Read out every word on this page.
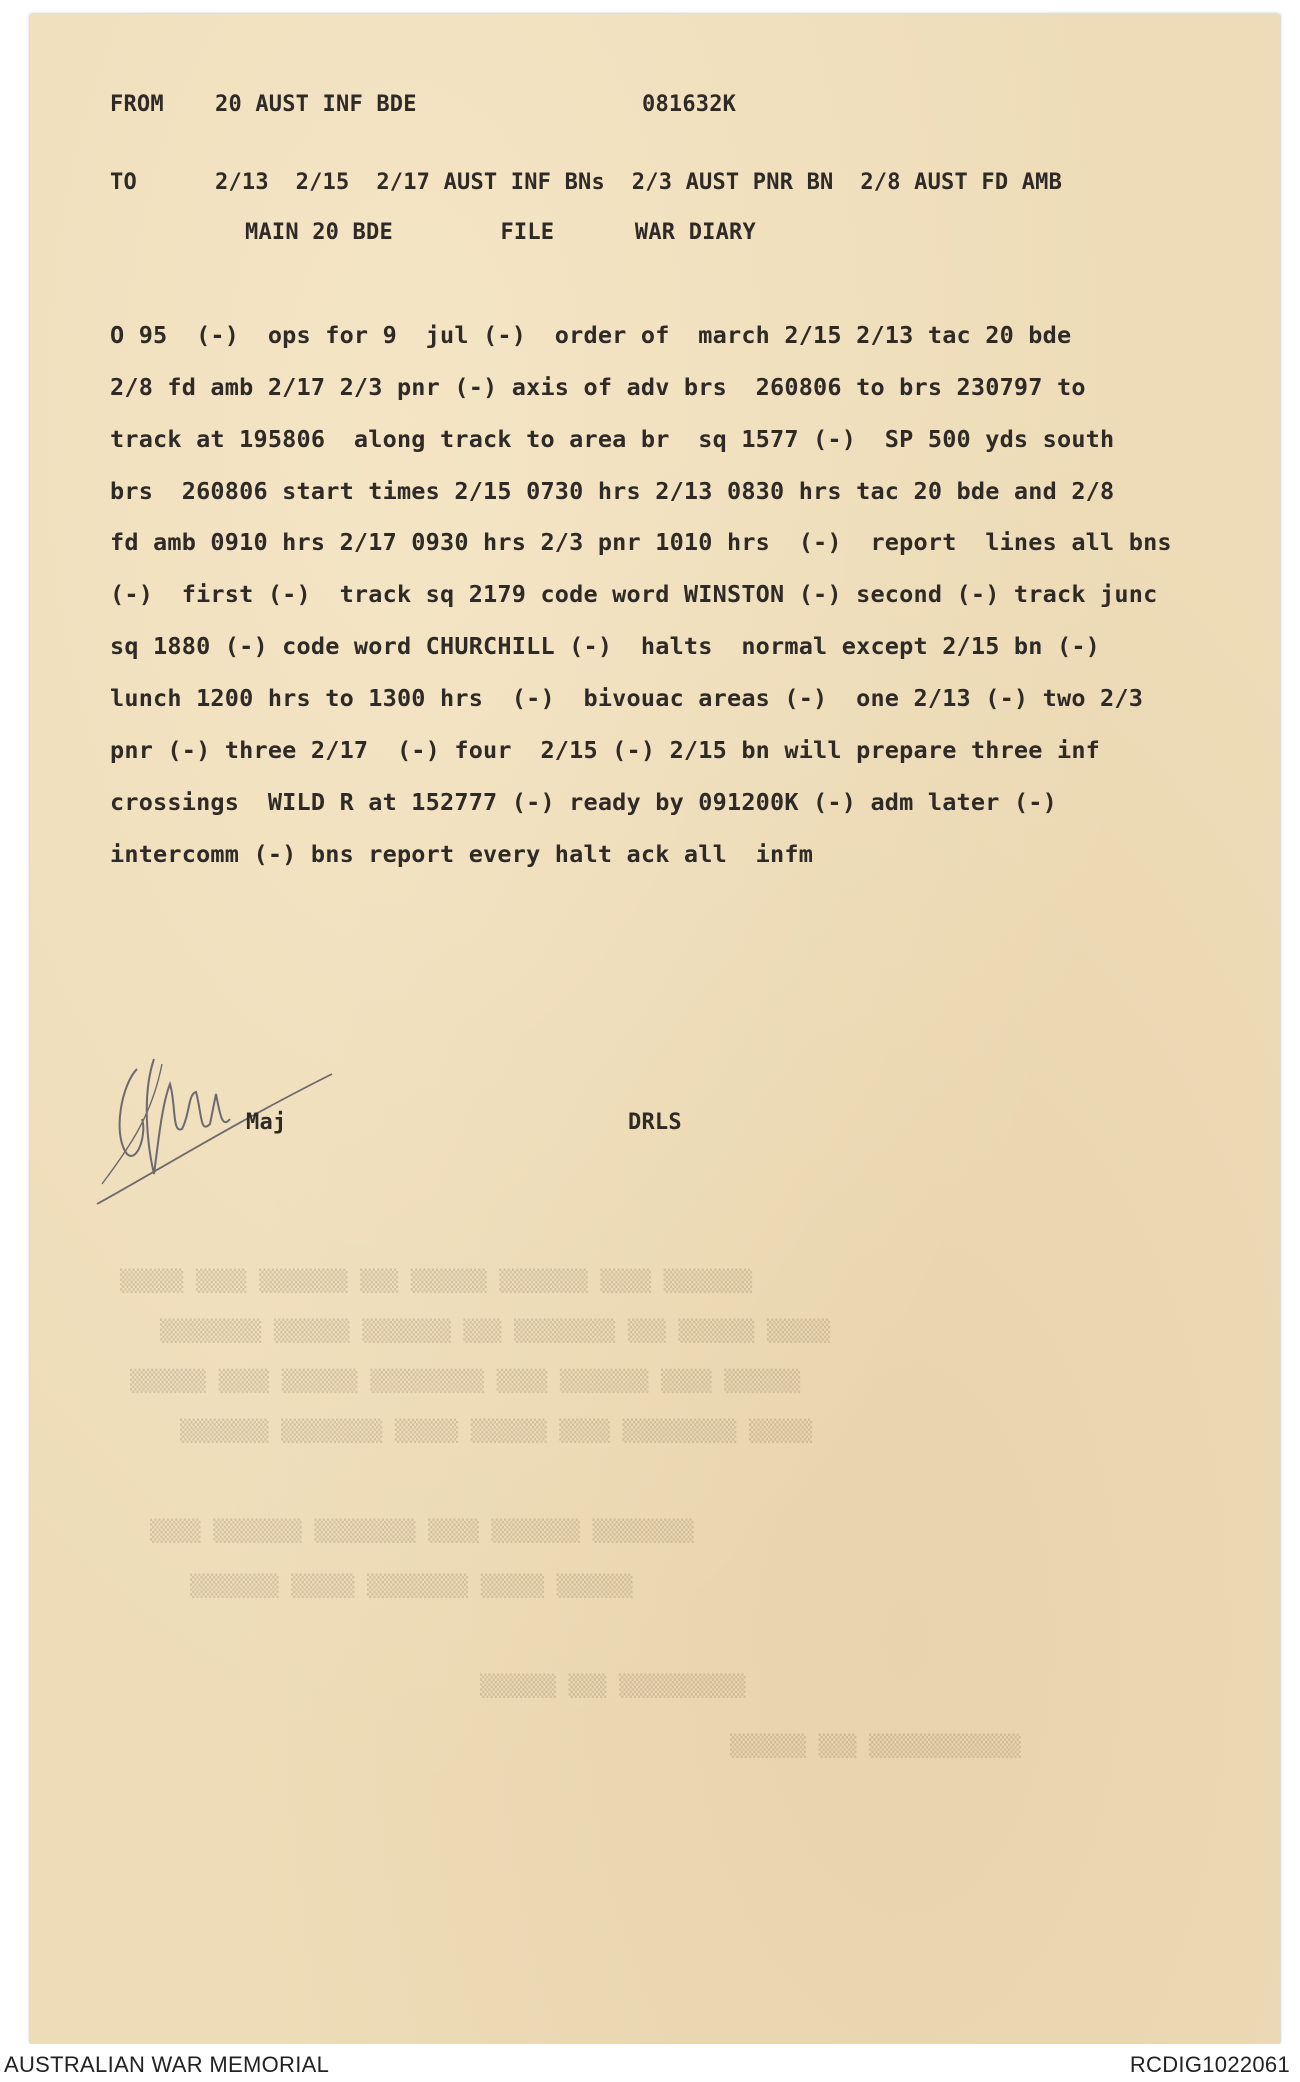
▒▒▒▒▒ ▒▒▒▒ ▒▒▒▒▒▒▒ ▒▒▒ ▒▒▒▒▒▒ ▒▒▒▒▒▒▒ ▒▒▒▒ ▒▒▒▒▒▒▒
▒▒▒▒▒▒▒▒ ▒▒▒▒▒▒ ▒▒▒▒▒▒▒ ▒▒▒ ▒▒▒▒▒▒▒▒ ▒▒▒ ▒▒▒▒▒▒ ▒▒▒▒▒
▒▒▒▒▒▒ ▒▒▒▒ ▒▒▒▒▒▒ ▒▒▒▒▒▒▒▒▒ ▒▒▒▒ ▒▒▒▒▒▒▒ ▒▒▒▒ ▒▒▒▒▒▒
▒▒▒▒▒▒▒ ▒▒▒▒▒▒▒▒ ▒▒▒▒▒ ▒▒▒▒▒▒ ▒▒▒▒ ▒▒▒▒▒▒▒▒▒ ▒▒▒▒▒
▒▒▒▒ ▒▒▒▒▒▒▒ ▒▒▒▒▒▒▒▒ ▒▒▒▒ ▒▒▒▒▒▒▒ ▒▒▒▒▒▒▒▒
▒▒▒▒▒▒▒ ▒▒▒▒▒ ▒▒▒▒▒▒▒▒ ▒▒▒▒▒ ▒▒▒▒▒▒
▒▒▒▒▒▒ ▒▒▒ ▒▒▒▒▒▒▒▒▒▒
▒▒▒▒▒▒ ▒▒▒ ▒▒▒▒▒▒▒▒▒▒▒▒
FROM 20 AUST INF BDE	081632K
TO	2/13  2/15  2/17 AUST INF BNs  2/3 AUST PNR BN  2/8 AUST FD AMB
MAIN 20 BDE        FILE      WAR DIARY
O 95  (-)  ops for 9  jul (-)  order of  march 2/15 2/13 tac 20 bde
2/8 fd amb 2/17 2/3 pnr (-) axis of adv brs  260806 to brs 230797 to
track at 195806  along track to area br  sq 1577 (-)  SP 500 yds south
brs  260806 start times 2/15 0730 hrs 2/13 0830 hrs tac 20 bde and 2/8
fd amb 0910 hrs 2/17 0930 hrs 2/3 pnr 1010 hrs  (-)  report  lines all bns
(-)  first (-)  track sq 2179 code word WINSTON (-) second (-) track junc
sq 1880 (-) code word CHURCHILL (-)  halts  normal except 2/15 bn (-)
lunch 1200 hrs to 1300 hrs  (-)  bivouac areas (-)  one 2/13 (-) two 2/3
pnr (-) three 2/17  (-) four  2/15 (-) 2/15 bn will prepare three inf
crossings  WILD R at 152777 (-) ready by 091200K (-) adm later (-)
intercomm (-) bns report every halt ack all  infm
Maj	DRLS
AUSTRALIAN WAR MEMORIAL	RCDIG1022061
